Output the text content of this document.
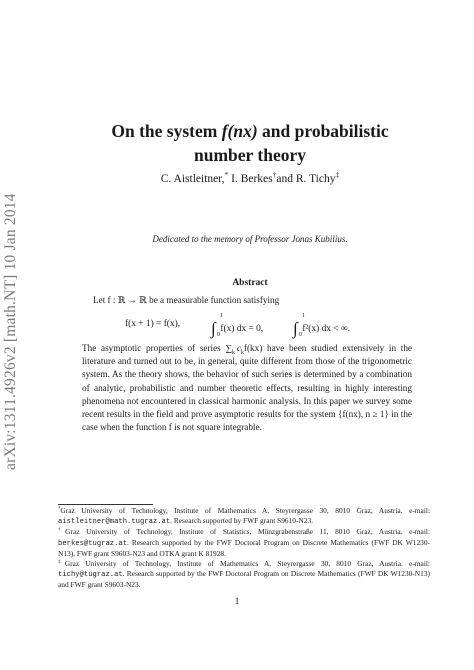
arXiv:1311.4926v2 [math.NT] 10 Jan 2014
On the system f(nx) and probabilistic
number theory
C. Aistleitner,* I. Berkes†and R. Tichy‡
Dedicated to the memory of Professor Jonas Kubilius.
Abstract
Let f : ℝ → ℝ be a measurable function satisfying
f(x + 1) = f(x), ∫
1
0
f(x) dx = 0, ∫
1
0
f²(x) dx < ∞.
The asymptotic properties of series $\sum_k$  $c_kf(kx)$ have been studied extensively in the literature and turned out to be, in general, quite different from those of the trigonometric system. As the theory shows, the behavior of such series is determined by a combination of analytic, probabilistic and number theoretic effects, resulting in highly interesting phenomena not encountered in classical harmonic analysis. In this paper we survey some recent results in the field and prove asymptotic results for the system {f(nx), n ≥ 1} in the case when the function f is not square integrable.

*Graz University of Technology, Institute of Mathematics A, Steyrergasse 30, 8010 Graz, Austria. e-mail: aistleitner@math.tugraz.at. Research supported by FWF grant S9610-N23.

†Graz University of Technology, Institute of Statistics, Münzgrabenstraße 11, 8010 Graz, Austria. e-mail: berkes@tugraz.at. Research supported by the FWF Doctoral Program on Discrete Mathematics (FWF DK W1230-N13), FWF grant S9603-N23 and OTKA grant K 81928.

‡Graz University of Technology, Institute of Mathematics A, Steyrergasse 30, 8010 Graz, Austria. e-mail: tichy@tugraz.at. Research supported by the FWF Doctoral Program on Discrete Mathematics (FWF DK W1230-N13) and FWF grant S9603-N23.

1
